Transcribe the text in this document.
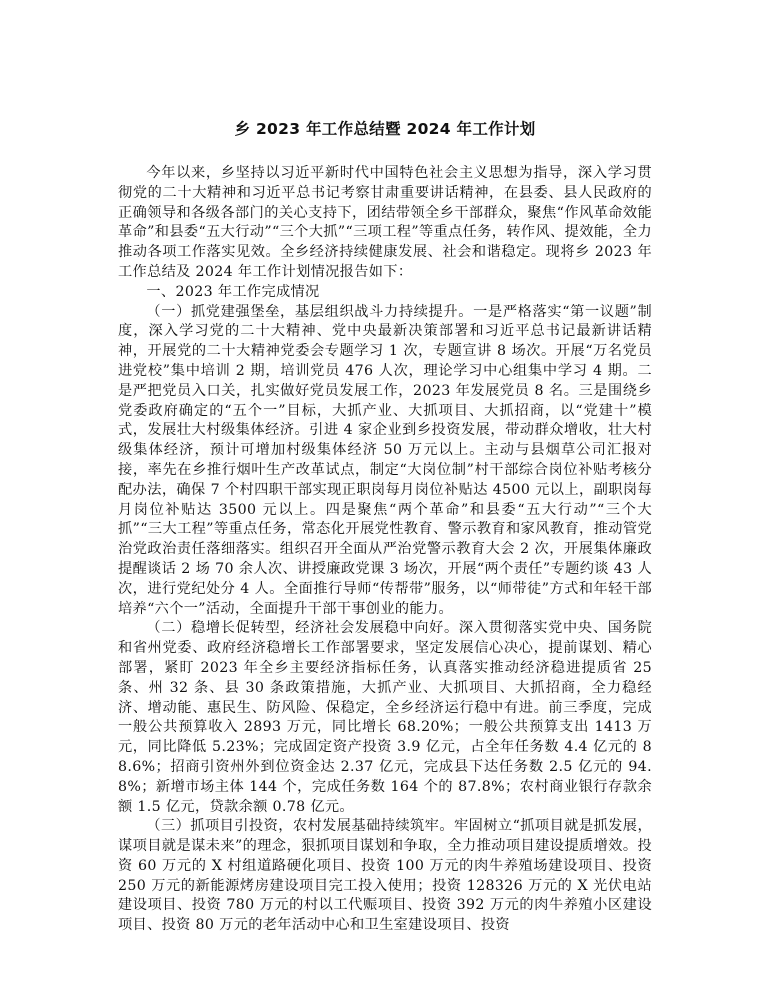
乡 2023 年工作总结暨 2024 年工作计划

今年以来，乡坚持以习近平新时代中国特色社会主义思想为指导，深入学习贯彻党的二十大精神和习近平总书记考察甘肃重要讲话精神，在县委、县人民政府的正确领导和各级各部门的关心支持下，团结带领全乡干部群众，聚焦“作风革命效能革命”和县委“五大行动”“三个大抓”“三项工程”等重点任务，转作风、提效能，全力推动各项工作落实见效。全乡经济持续健康发展、社会和谐稳定。现将乡 2023 年工作总结及 2024 年工作计划情况报告如下：

一、2023 年工作完成情况

（一）抓党建强堡垒，基层组织战斗力持续提升。一是严格落实“第一议题”制度，深入学习党的二十大精神、党中央最新决策部署和习近平总书记最新讲话精神，开展党的二十大精神党委会专题学习 1 次，专题宣讲 8 场次。开展“万名党员进党校”集中培训 2 期，培训党员 476 人次，理论学习中心组集中学习 4 期。二是严把党员入口关，扎实做好党员发展工作，2023 年发展党员 8 名。三是围绕乡党委政府确定的“五个一”目标，大抓产业、大抓项目、大抓招商，以“党建十”模式，发展壮大村级集体经济。引进 4 家企业到乡投资发展，带动群众增收，壮大村级集体经济，预计可增加村级集体经济 50 万元以上。主动与县烟草公司汇报对接，率先在乡推行烟叶生产改革试点，制定“大岗位制”村干部综合岗位补贴考核分配办法，确保 7 个村四职干部实现正职岗每月岗位补贴达 4500 元以上，副职岗每月岗位补贴达 3500 元以上。四是聚焦“两个革命”和县委“五大行动”“三个大抓”“三大工程”等重点任务，常态化开展党性教育、警示教育和家风教育，推动管党治党政治责任落细落实。组织召开全面从严治党警示教育大会 2 次，开展集体廉政提醒谈话 2 场 70 余人次、讲授廉政党课 3 场次，开展“两个责任”专题约谈 43 人次，进行党纪处分 4 人。全面推行导师“传帮带”服务，以“师带徒”方式和年轻干部培养“六个一”活动，全面提升干部干事创业的能力。

（二）稳增长促转型，经济社会发展稳中向好。深入贯彻落实党中央、国务院和省州党委、政府经济稳增长工作部署要求，坚定发展信心决心，提前谋划、精心部署，紧盯 2023 年全乡主要经济指标任务，认真落实推动经济稳进提质省 25 条、州 32 条、县 30 条政策措施，大抓产业、大抓项目、大抓招商，全力稳经济、增动能、惠民生、防风险、保稳定，全乡经济运行稳中有进。前三季度，完成一般公共预算收入 2893 万元，同比增长 68.20%；一般公共预算支出 1413 万元，同比降低 5.23%；完成固定资产投资 3.9 亿元，占全年任务数 4.4 亿元的 88.6%；招商引资州外到位资金达 2.37 亿元，完成县下达任务数 2.5 亿元的 94.8%；新增市场主体 144 个，完成任务数 164 个的 87.8%；农村商业银行存款余额 1.5 亿元，贷款余额 0.78 亿元。

（三）抓项目引投资，农村发展基础持续筑牢。牢固树立“抓项目就是抓发展，谋项目就是谋未来”的理念，狠抓项目谋划和争取，全力推动项目建设提质增效。投资 60 万元的 X 村组道路硬化项目、投资 100 万元的肉牛养殖场建设项目、投资 250 万元的新能源烤房建设项目完工投入使用；投资 128326 万元的 X 光伏电站建设项目、投资 780 万元的村以工代赈项目、投资 392 万元的肉牛养殖小区建设项目、投资 80 万元的老年活动中心和卫生室建设项目、投资
